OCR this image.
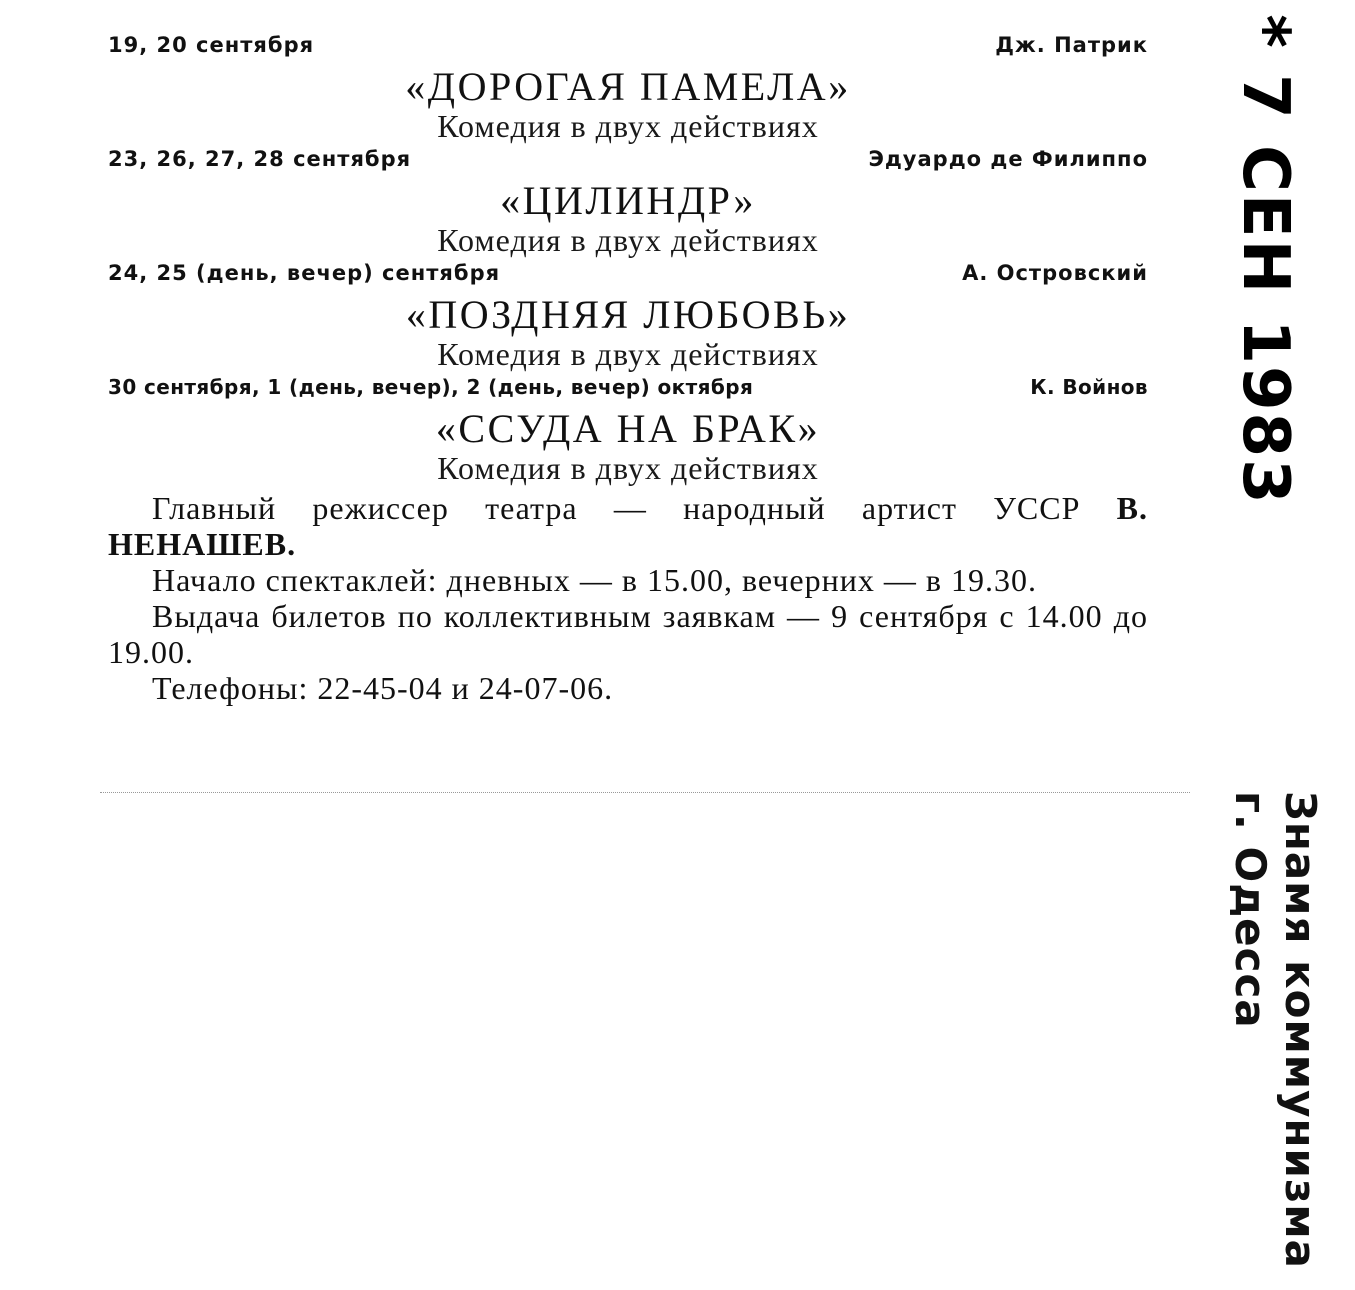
19, 20 сентября	Дж. Патрик
«ДОРОГАЯ ПАМЕЛА»
Комедия в двух действиях
23, 26, 27, 28 сентября	Эдуардо де Филиппо
«ЦИЛИНДР»
Комедия в двух действиях
24, 25 (день, вечер) сентября	А. Островский
«ПОЗДНЯЯ ЛЮБОВЬ»
Комедия в двух действиях
30 сентября, 1 (день, вечер), 2 (день, вечер) октября	К. Войнов
«ССУДА НА БРАК»
Комедия в двух действиях
Главный режиссер театра — народный артист УССР В. НЕНАШЕВ.
Начало спектаклей: дневных — в 15.00, вечерних — в 19.30.
Выдача билетов по коллективным заявкам — 9 сентября с 14.00 до 19.00.
Телефоны: 22-45-04 и 24-07-06.
* 7 СЕН 1983
Знамя коммунизма
г. Одесса
